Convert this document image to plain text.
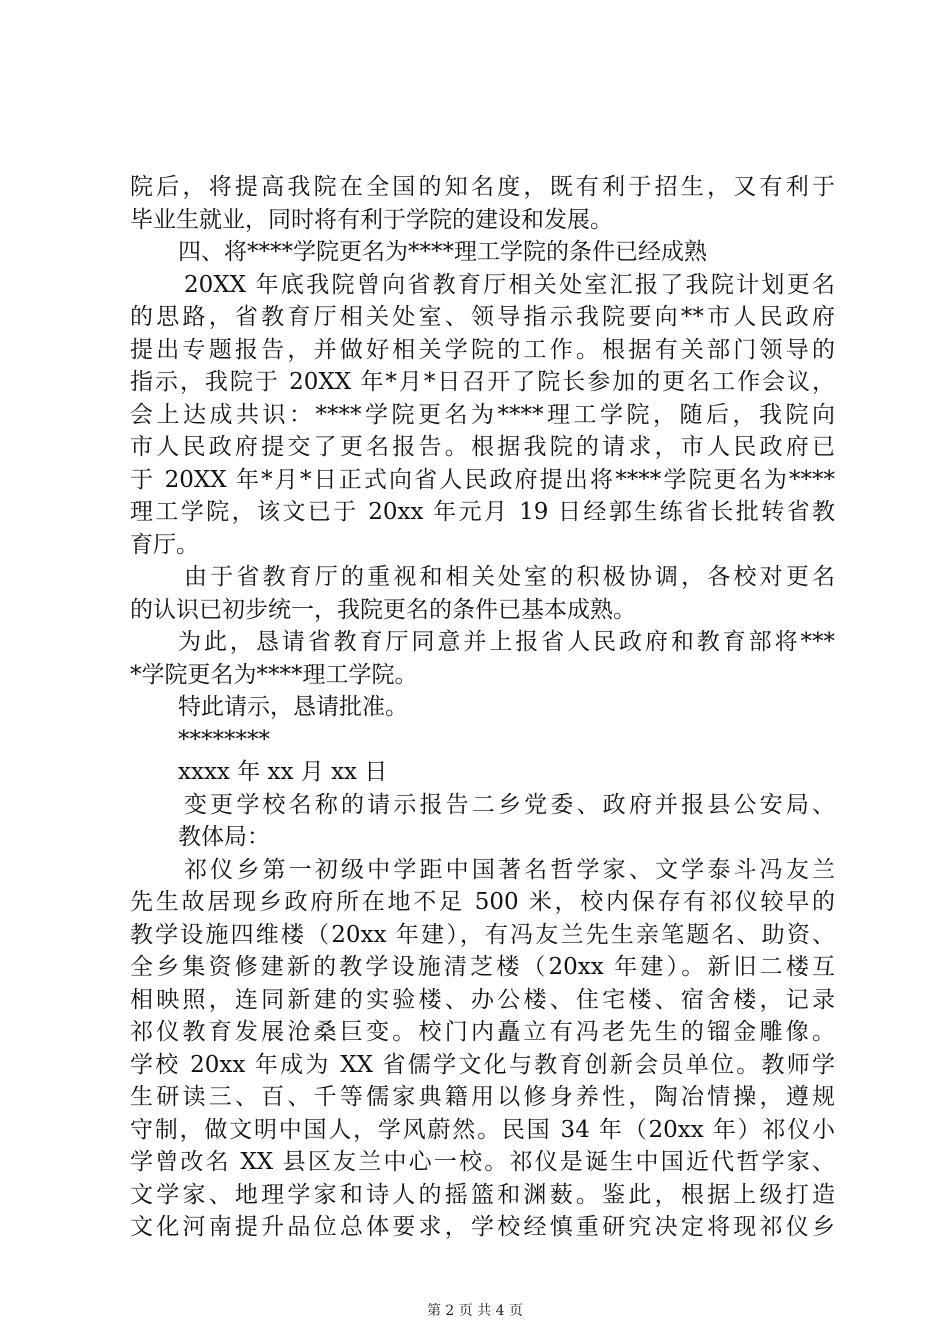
院后，将提高我院在全国的知名度，既有利于招生，又有利于
毕业生就业，同时将有利于学院的建设和发展。
四、将****学院更名为****理工学院的条件已经成熟
20XX 年底我院曾向省教育厅相关处室汇报了我院计划更名
的思路，省教育厅相关处室、领导指示我院要向**市人民政府
提出专题报告，并做好相关学院的工作。根据有关部门领导的
指示，我院于 20XX 年*月*日召开了院长参加的更名工作会议，
会上达成共识：****学院更名为****理工学院，随后，我院向
市人民政府提交了更名报告。根据我院的请求，市人民政府已
于 20XX 年*月*日正式向省人民政府提出将****学院更名为****
理工学院，该文已于 20xx 年元月 19 日经郭生练省长批转省教
育厅。
由于省教育厅的重视和相关处室的积极协调，各校对更名
的认识已初步统一，我院更名的条件已基本成熟。
为此，恳请省教育厅同意并上报省人民政府和教育部将***
*学院更名为****理工学院。
特此请示，恳请批准。
********
xxxx 年 xx 月 xx 日
变更学校名称的请示报告二乡党委、政府并报县公安局、
教体局：
祁仪乡第一初级中学距中国著名哲学家、文学泰斗冯友兰
先生故居现乡政府所在地不足 500 米，校内保存有祁仪较早的
教学设施四维楼（20xx 年建），有冯友兰先生亲笔题名、助资、
全乡集资修建新的教学设施清芝楼（20xx 年建）。新旧二楼互
相映照，连同新建的实验楼、办公楼、住宅楼、宿舍楼，记录
祁仪教育发展沧桑巨变。校门内矗立有冯老先生的镏金雕像。
学校 20xx 年成为 XX 省儒学文化与教育创新会员单位。教师学
生研读三、百、千等儒家典籍用以修身养性，陶冶情操，遵规
守制，做文明中国人，学风蔚然。民国 34 年（20xx 年）祁仪小
学曾改名 XX 县区友兰中心一校。祁仪是诞生中国近代哲学家、
文学家、地理学家和诗人的摇篮和渊薮。鉴此，根据上级打造
文化河南提升品位总体要求，学校经慎重研究决定将现祁仪乡
第 2 页 共 4 页
